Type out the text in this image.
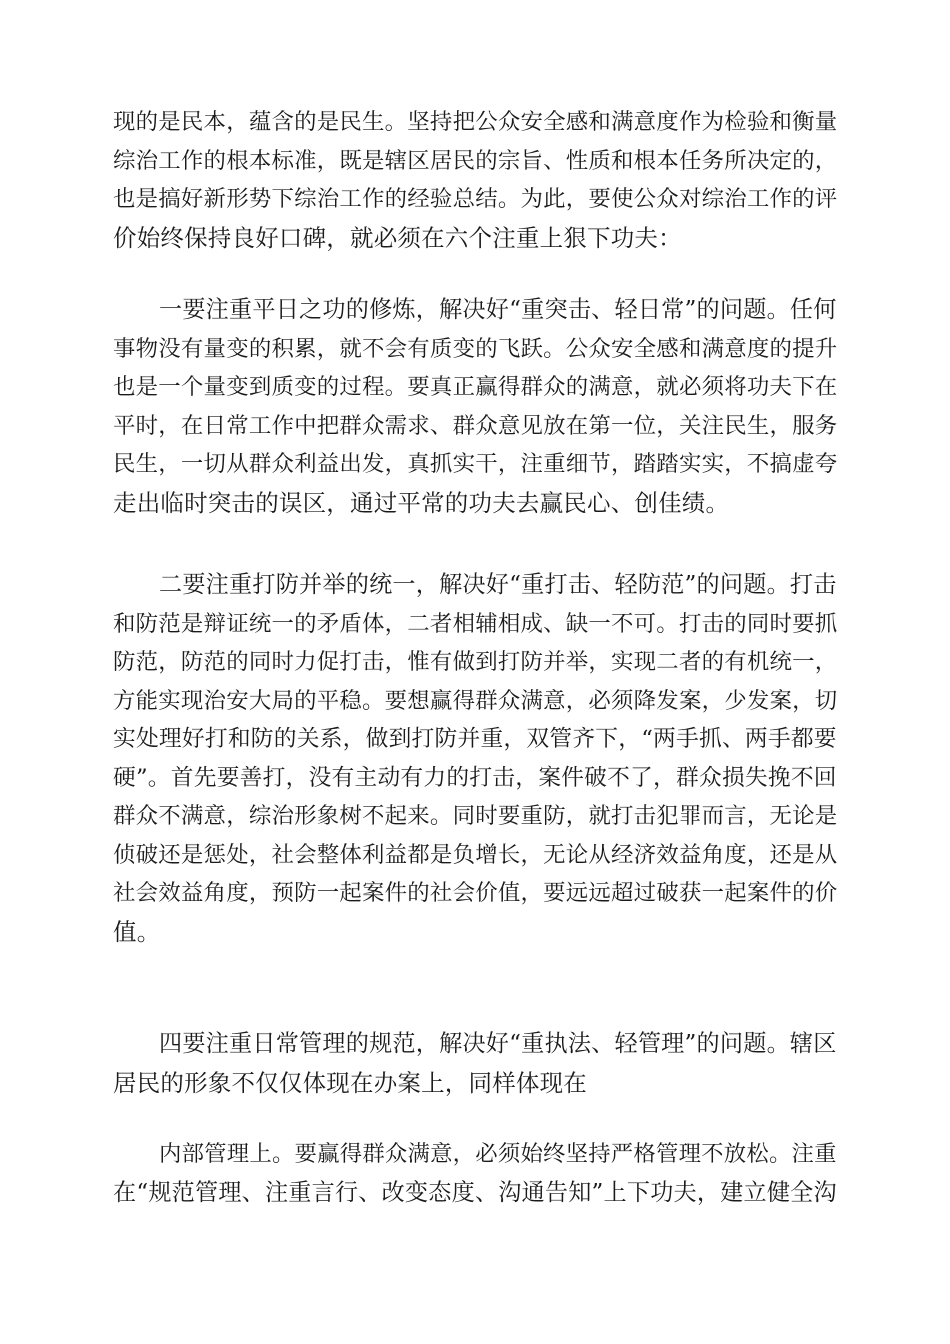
现的是民本，蕴含的是民生。坚持把公众安全感和满意度作为检验和衡量
综治工作的根本标准，既是辖区居民的宗旨、性质和根本任务所决定的，
也是搞好新形势下综治工作的经验总结。为此，要使公众对综治工作的评
价始终保持良好口碑，就必须在六个注重上狠下功夫：
一要注重平日之功的修炼，解决好“重突击、轻日常”的问题。任何
事物没有量变的积累，就不会有质变的飞跃。公众安全感和满意度的提升
也是一个量变到质变的过程。要真正赢得群众的满意，就必须将功夫下在
平时，在日常工作中把群众需求、群众意见放在第一位，关注民生，服务
民生，一切从群众利益出发，真抓实干，注重细节，踏踏实实，不搞虚夸
走出临时突击的误区，通过平常的功夫去赢民心、创佳绩。
二要注重打防并举的统一，解决好“重打击、轻防范”的问题。打击
和防范是辩证统一的矛盾体，二者相辅相成、缺一不可。打击的同时要抓
防范，防范的同时力促打击，惟有做到打防并举，实现二者的有机统一，
方能实现治安大局的平稳。要想赢得群众满意，必须降发案，少发案，切
实处理好打和防的关系，做到打防并重，双管齐下，“两手抓、两手都要
硬”。首先要善打，没有主动有力的打击，案件破不了，群众损失挽不回
群众不满意，综治形象树不起来。同时要重防，就打击犯罪而言，无论是
侦破还是惩处，社会整体利益都是负增长，无论从经济效益角度，还是从
社会效益角度，预防一起案件的社会价值，要远远超过破获一起案件的价
值。
四要注重日常管理的规范，解决好“重执法、轻管理”的问题。辖区
居民的形象不仅仅体现在办案上，同样体现在
内部管理上。要赢得群众满意，必须始终坚持严格管理不放松。注重
在“规范管理、注重言行、改变态度、沟通告知”上下功夫，建立健全沟
